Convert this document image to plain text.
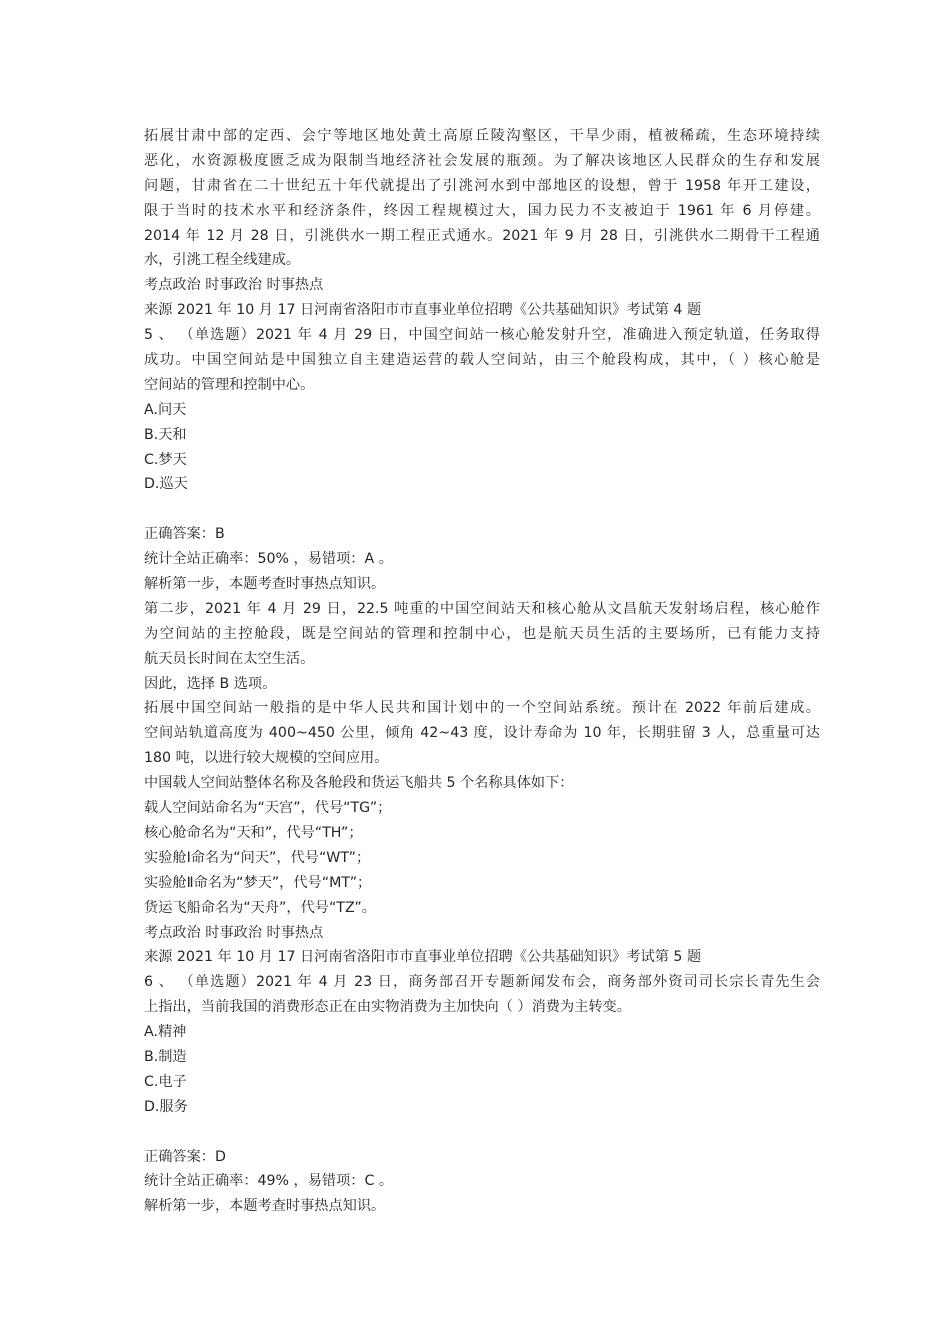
拓展甘肃中部的定西、会宁等地区地处黄土高原丘陵沟壑区，干旱少雨，植被稀疏，生态环境持续
恶化，水资源极度匮乏成为限制当地经济社会发展的瓶颈。为了解决该地区人民群众的生存和发展
问题，甘肃省在二十世纪五十年代就提出了引洮河水到中部地区的设想，曾于 1958 年开工建设，
限于当时的技术水平和经济条件，终因工程规模过大，国力民力不支被迫于 1961 年 6 月停建。
2014 年 12 月 28 日，引洮供水一期工程正式通水。2021 年 9 月 28 日，引洮供水二期骨干工程通
水，引洮工程全线建成。
考点政治 时事政治 时事热点
来源 2021 年 10 月 17 日河南省洛阳市市直事业单位招聘《公共基础知识》考试第 4 题
5 、 （单选题）2021 年 4 月 29 日，中国空间站一核心舱发射升空，准确进入预定轨道，任务取得
成功。中国空间站是中国独立自主建造运营的载人空间站，由三个舱段构成，其中，（ ）核心舱是
空间站的管理和控制中心。
A.问天
B.天和
C.梦天
D.巡天
正确答案：B
统计全站正确率：50% ，易错项：A 。
解析第一步，本题考查时事热点知识。
第二步，2021 年 4 月 29 日，22.5 吨重的中国空间站天和核心舱从文昌航天发射场启程，核心舱作
为空间站的主控舱段，既是空间站的管理和控制中心，也是航天员生活的主要场所，已有能力支持
航天员长时间在太空生活。
因此，选择 B 选项。
拓展中国空间站一般指的是中华人民共和国计划中的一个空间站系统。预计在 2022 年前后建成。
空间站轨道高度为 400~450 公里，倾角 42~43 度，设计寿命为 10 年，长期驻留 3 人，总重量可达
180 吨，以进行较大规模的空间应用。
中国载人空间站整体名称及各舱段和货运飞船共 5 个名称具体如下：
载人空间站命名为“天宫”，代号“TG”；
核心舱命名为“天和”，代号“TH”；
实验舱Ⅰ命名为“问天”，代号“WT”；
实验舱Ⅱ命名为“梦天”，代号“MT”；
货运飞船命名为“天舟”，代号“TZ”。
考点政治 时事政治 时事热点
来源 2021 年 10 月 17 日河南省洛阳市市直事业单位招聘《公共基础知识》考试第 5 题
6 、 （单选题）2021 年 4 月 23 日，商务部召开专题新闻发布会，商务部外资司司长宗长青先生会
上指出，当前我国的消费形态正在由实物消费为主加快向（ ）消费为主转变。
A.精神
B.制造
C.电子
D.服务
正确答案：D
统计全站正确率：49% ，易错项：C 。
解析第一步，本题考查时事热点知识。
